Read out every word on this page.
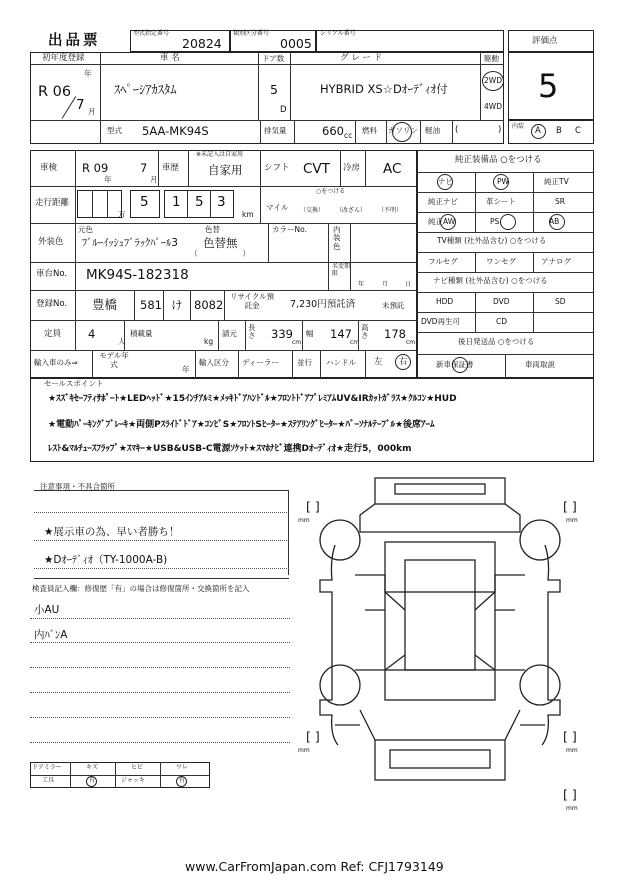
出品票	型式指定番号
20824
類別区分番号
0005
シリアル番号
評価点
5
初年度登録
年
R 06
7 月
車 名
ｽﾍﾟｰｼｱｶｽﾀﾑ
ドア数
5
D
グ レ ー ド
HYBRID XS☆Dｵｰﾃﾞｨｵ付
駆動
2WD
4WD
型式 5AA-MK94S	排気量	660 cc
燃料 ガソリン 軽油 (	) 内装 A B C
車検 R 09
年
7
月
車歴
※未記入は自家用
自家用	シフト CVT 冷房 AC
走行距離
万
5 1 5 3
km
○をつける
マイル （交換） （改ざん） （不明）
外装色
元色
ﾌﾞﾙｰｲｯｼｭﾌﾞﾗｯｸﾊﾟｰﾙ3
色替
色替無
（　　　　　　）
カラーNo.	内装色
車台No. MK94S-182318
名変期限
年	月	日
登録No. 豊橋 581 け 8082
リサイクル預託金	7,230円預託済	未預託
定員 4
人
積載量
kg
請元
長さ 339
cm
幅 147
cm
高さ 178
cm
輸入車のみ⇒
モデル年式
年
輸入区分 ディーラー 並行 ハンドル 左 右
純正装備品 ○をつける
ナビ	PW	純正TV
純正ナビ	革シート	SR
純正AW	PS	AB
TV種類 (社外品含む) ○をつける
フルセグ	ワンセグ	アナログ
ナビ種類 (社外品含む) ○をつける
HDD	DVD	SD
DVD再生可	CD
後日発送品 ○をつける
新車保証書	車両取説
セールスポイント
★ｽｽﾞｷｾｰﾌﾃｨｻﾎﾟｰﾄ★LEDﾍｯﾄﾞ★15ｲﾝﾁｱﾙﾐ★ﾒｯｷﾄﾞｱﾊﾝﾄﾞﾙ★ﾌﾛﾝﾄﾄﾞｱﾌﾟﾚﾐｱﾑUV&IRｶｯﾄｶﾞﾗｽ★ｸﾙｺﾝ★HUD
★電動ﾊﾟｰｷﾝｸﾞﾌﾞﾚｰｷ★両側Pｽﾗｲﾄﾞﾄﾞｱ★ｺﾝﾋﾞS★ﾌﾛﾝﾄSﾋｰﾀｰ★ｽﾃｱﾘﾝｸﾞﾋｰﾀｰ★ﾊﾟｰｿﾅﾙﾃｰﾌﾞﾙ★後席ｱｰﾑ
ﾚｽﾄ&ﾏﾙﾁｭｰｽﾌﾗｯﾌﾟ★ｽﾏｷｰ★USB&USB-C電源ｿｹｯﾄ★ｽﾏﾎﾅﾋﾞ連携Dｵｰﾃﾞｨｵ★走行5，000km
注意事項・不具合箇所
★展示車の為、早い者勝ち！
★Dｵｰﾃﾞｨｵ（TY-1000A-B)
検査員記入欄：修復歴「有」の場合は修復箇所・交換箇所を記入
小AU
内ﾊﾞﾝA
ドアミラー	キズ	ヒビ	ワレ
工具	有	ジャッキ	有
[ ]
mm
[ ]
mm
[ ]
mm
[ ]
mm
[ ]
mm
www.CarFromJapan.com Ref: CFJ1793149
